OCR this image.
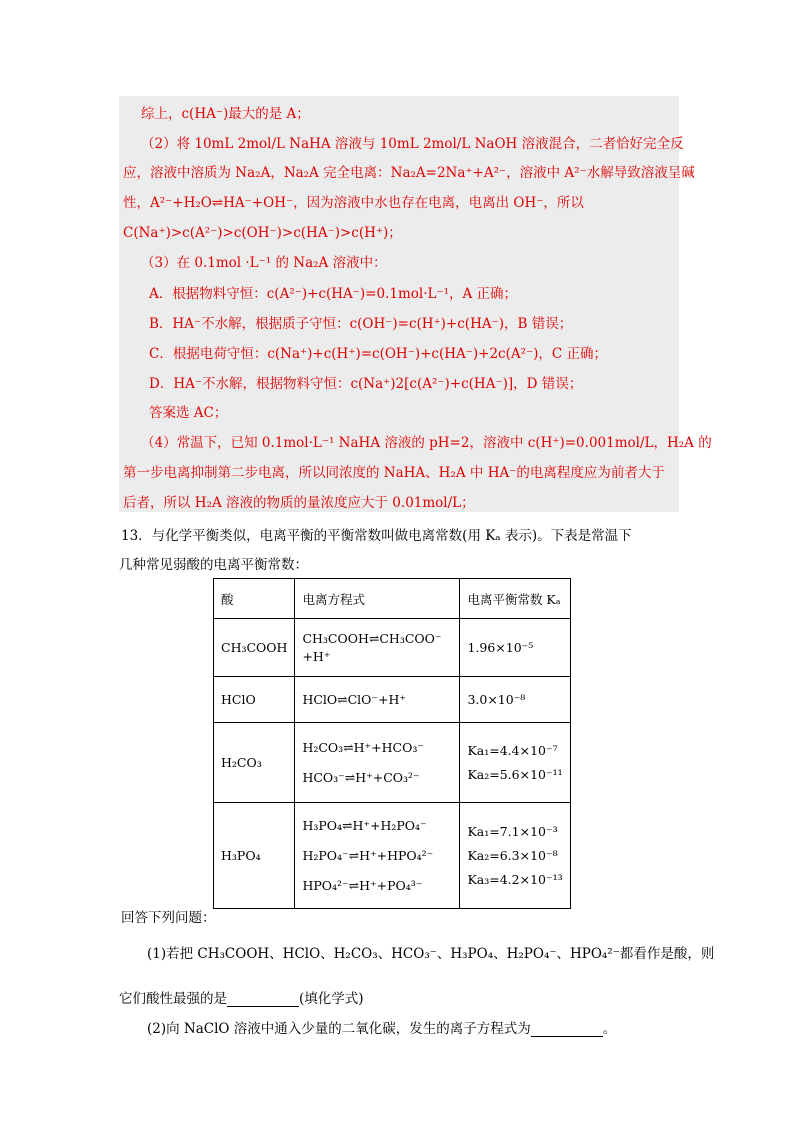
综上，c(HA⁻)最大的是 A；

（2）将 10mL 2mol/L NaHA 溶液与 10mL 2mol/L NaOH 溶液混合，二者恰好完全反

应，溶液中溶质为 Na₂A，Na₂A 完全电离：Na₂A=2Na⁺+A²⁻，溶液中 A²⁻水解导致溶液呈碱

性，A²⁻+H₂O⇌HA⁻+OH⁻，因为溶液中水也存在电离，电离出 OH⁻，所以

C(Na⁺)>c(A²⁻)>c(OH⁻)>c(HA⁻)>c(H⁺)；

（3）在 0.1mol ·L⁻¹ 的 Na₂A 溶液中：

A．根据物料守恒：c(A²⁻)+c(HA⁻)=0.1mol·L⁻¹，A 正确；

B．HA⁻不水解，根据质子守恒：c(OH⁻)=c(H⁺)+c(HA⁻)，B 错误；

C．根据电荷守恒：c(Na⁺)+c(H⁺)=c(OH⁻)+c(HA⁻)+2c(A²⁻)，C 正确；

D．HA⁻不水解，根据物料守恒：c(Na⁺)2[c(A²⁻)+c(HA⁻)]，D 错误；

答案选 AC；

（4）常温下，已知 0.1mol·L⁻¹ NaHA 溶液的 pH=2，溶液中 c(H⁺)=0.001mol/L，H₂A 的

第一步电离抑制第二步电离，所以同浓度的 NaHA、H₂A 中 HA⁻的电离程度应为前者大于

后者，所以 H₂A 溶液的物质的量浓度应大于 0.01mol/L；

13．与化学平衡类似，电离平衡的平衡常数叫做电离常数(用 Kₐ 表示)。下表是常温下

几种常见弱酸的电离平衡常数：

酸	电离方程式	电离平衡常数 Kₐ
CH₃COOH	CH₃COOH⇌CH₃COO⁻
+H⁺	1.96×10⁻⁵
HClO	HClO⇌ClO⁻+H⁺	3.0×10⁻⁸
H₂CO₃	H₂CO₃⇌H⁺+HCO₃⁻
HCO₃⁻⇌H⁺+CO₃²⁻	Ka₁=4.4×10⁻⁷
Ka₂=5.6×10⁻¹¹

H₃PO₄	H₃PO₄⇌H⁺+H₂PO₄⁻
H₂PO₄⁻⇌H⁺+HPO₄²⁻
HPO₄²⁻⇌H⁺+PO₄³⁻	Ka₁=7.1×10⁻³
Ka₂=6.3×10⁻⁸
Ka₃=4.2×10⁻¹³

回答下列问题：

(1)若把 CH₃COOH、HClO、H₂CO₃、HCO₃⁻、H₃PO₄、H₂PO₄⁻、HPO₄²⁻都看作是酸，则

它们酸性最强的是	(填化学式)

(2)向 NaClO 溶液中通入少量的二氧化碳，发生的离子方程式为	。
